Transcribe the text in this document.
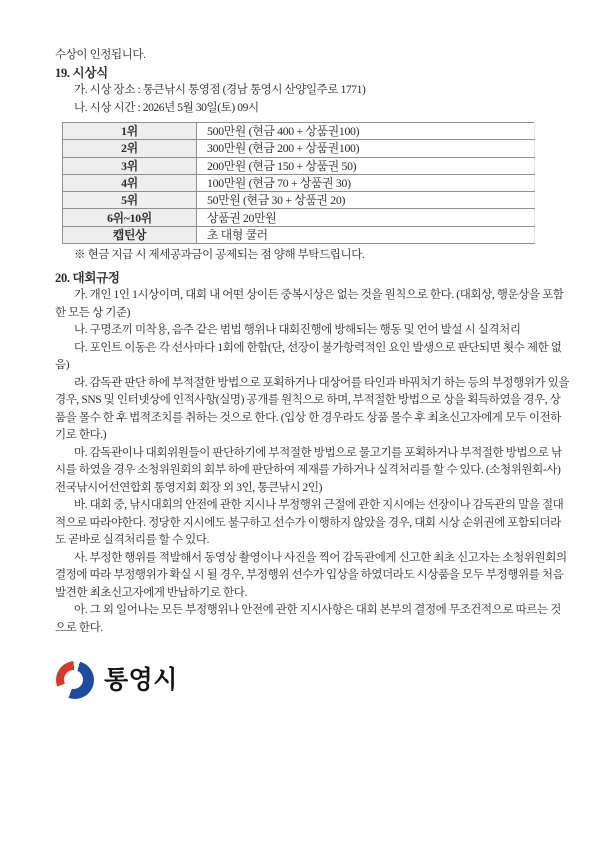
수상이 인정됩니다.

19. 시상식

가. 시상 장소 : 통큰낚시 통영점 (경남 통영시 산양일주로 1771)

나. 시상 시간 : 2026년 5월 30일(토) 09시

1위	500만원 (현금 400 + 상품권100)
2위	300만원 (현금 200 + 상품권100)
3위	200만원 (현금 150 + 상품권 50)
4위	100만원 (현금 70 + 상품권 30)
5위	50만원 (현금 30 + 상품권 20)
6위~10위	상품권 20만원
캡틴상	초 대형 쿨러

※ 현금 지급 시 제세공과금이 공제되는 점 양해 부탁드립니다.

20. 대회규정

가. 개인 1인 1시상이며, 대회 내 어떤 상이든 중복시상은 없는 것을 원칙으로 한다. (대회상, 행운상을 포함한 모든 상 기준)

나. 구명조끼 미착용, 음주 같은 범법 행위나 대회진행에 방해되는 행동 및 언어 발설 시 실격처리

다. 포인트 이동은 각 선사마다 1회에 한함(단, 선장이 불가항력적인 요인 발생으로 판단되면 횟수 제한 없음)

라. 감독관 판단 하에 부적절한 방법으로 포획하거나 대상어를 타인과 바꿔치기 하는 등의 부정행위가 있을 경우, SNS 및 인터넷상에 인적사항(실명) 공개를 원칙으로 하며, 부적절한 방법으로 상을 획득하였을 경우, 상품을 몰수 한 후 법적조치를 취하는 것으로 한다. (입상 한 경우라도 상품 몰수 후 최초신고자에게 모두 이전하기로 한다.)

마. 감독관이나 대회위원들이 판단하기에 부적절한 방법으로 물고기를 포획하거나 부적절한 방법으로 낚시를 하였을 경우 소청위원회의 회부 하에 판단하여 제재를 가하거나 실격처리를 할 수 있다. (소청위원회-사)전국낚시어선연합회 통영지회 회장 외 3인, 통큰낚시 2인)

바. 대회 중, 낚시대회의 안전에 관한 지시나 부정행위 근절에 관한 지시에는 선장이나 감독관의 말을 절대적으로 따라야한다. 정당한 지시에도 불구하고 선수가 이행하지 않았을 경우, 대회 시상 순위권에 포함되더라도 곧바로 실격처리를 할 수 있다.

사. 부정한 행위를 적발해서 동영상 촬영이나 사진을 찍어 감독관에게 신고한 최초 신고자는 소청위원회의 결정에 따라 부정행위가 확실 시 될 경우, 부정행위 선수가 입상을 하였더라도 시상품을 모두 부정행위를 처음 발견한 최초신고자에게 반납하기로 한다.

아. 그 외 일어나는 모든 부정행위나 안전에 관한 지시사항은 대회 본부의 결정에 무조건적으로 따르는 것으로 한다.

통영시
